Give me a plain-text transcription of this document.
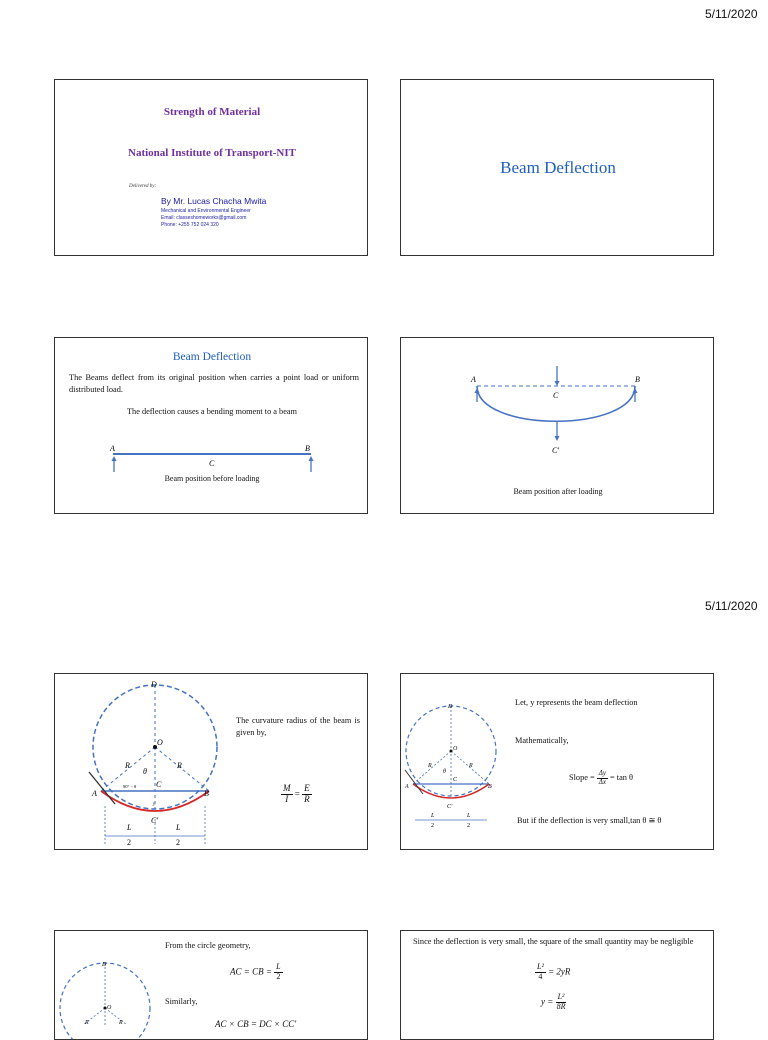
5/11/2020
Strength of Material
National Institute of Transport-NIT
Delivered by:
By Mr. Lucas Chacha Mwita
Mechanical and Environmental Engineer
Email: classeshomeworks@gmail.com
Phone: +255 752 024 320
Beam Deflection
Beam Deflection
The Beams deflect from its original position when carries a point load or uniform distributed load.
The deflection causes a bending moment to a beam
A	B
C
Beam position before loading
A	B
C
C'
Beam position after loading
5/11/2020
D
O
R	R
θ
90° − θ
A	B
C
C'
y
L
2
L
2
The curvature radius of the beam is given by,
$\frac{M}{I} = \frac{E}{R}$
D
O
R	R
θ
A	B
C
C'
L
2
L
2
Let, y represents the beam deflection
Mathematically,
Slope = $\frac{\Delta y}{\Delta x} = \tan \theta$
But if the deflection is very small,tan θ ≅ θ
D
O
R	R
From the circle geometry,
AC = CB = $\frac{L}{2}$
Similarly,
AC × CB = DC × CC'
Since the deflection is very small, the square of the small quantity may be negligible
$\frac{\text{L²}}{4} = 2yR$
$y = \frac{\text{L²}}{8R}$
